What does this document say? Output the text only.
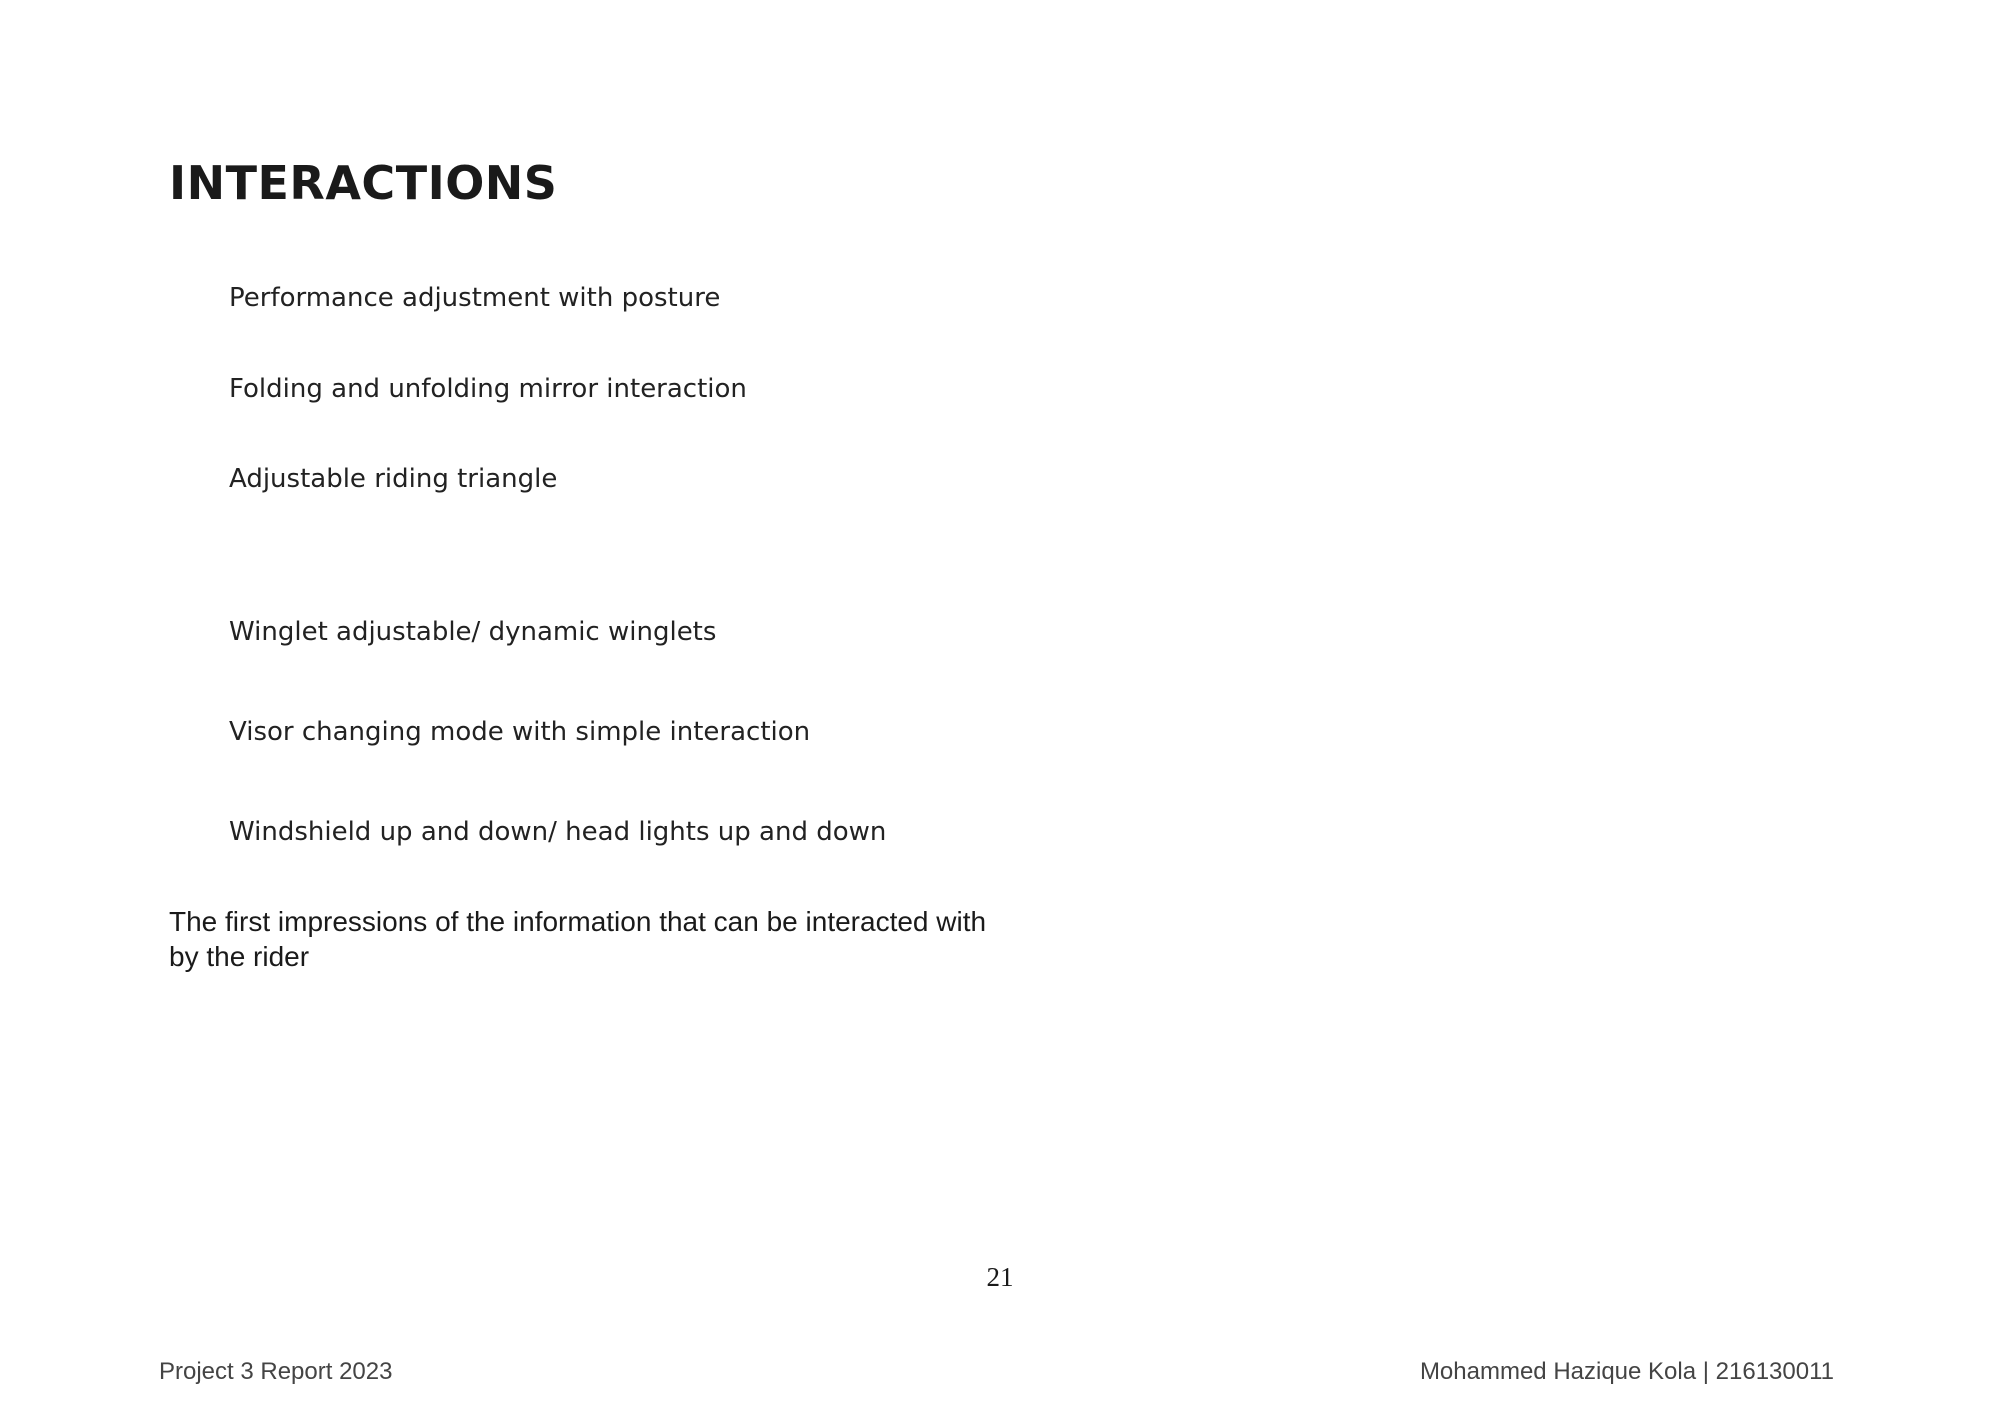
INTERACTIONS

Performance adjustment with posture

Folding and unfolding mirror interaction

Adjustable riding triangle

Winglet adjustable/ dynamic winglets

Visor changing mode with simple interaction

Windshield up and down/ head lights up and down

The first impressions of the information that can be interacted with by the rider

21

Project 3 Report 2023	Mohammed Hazique Kola | 216130011
